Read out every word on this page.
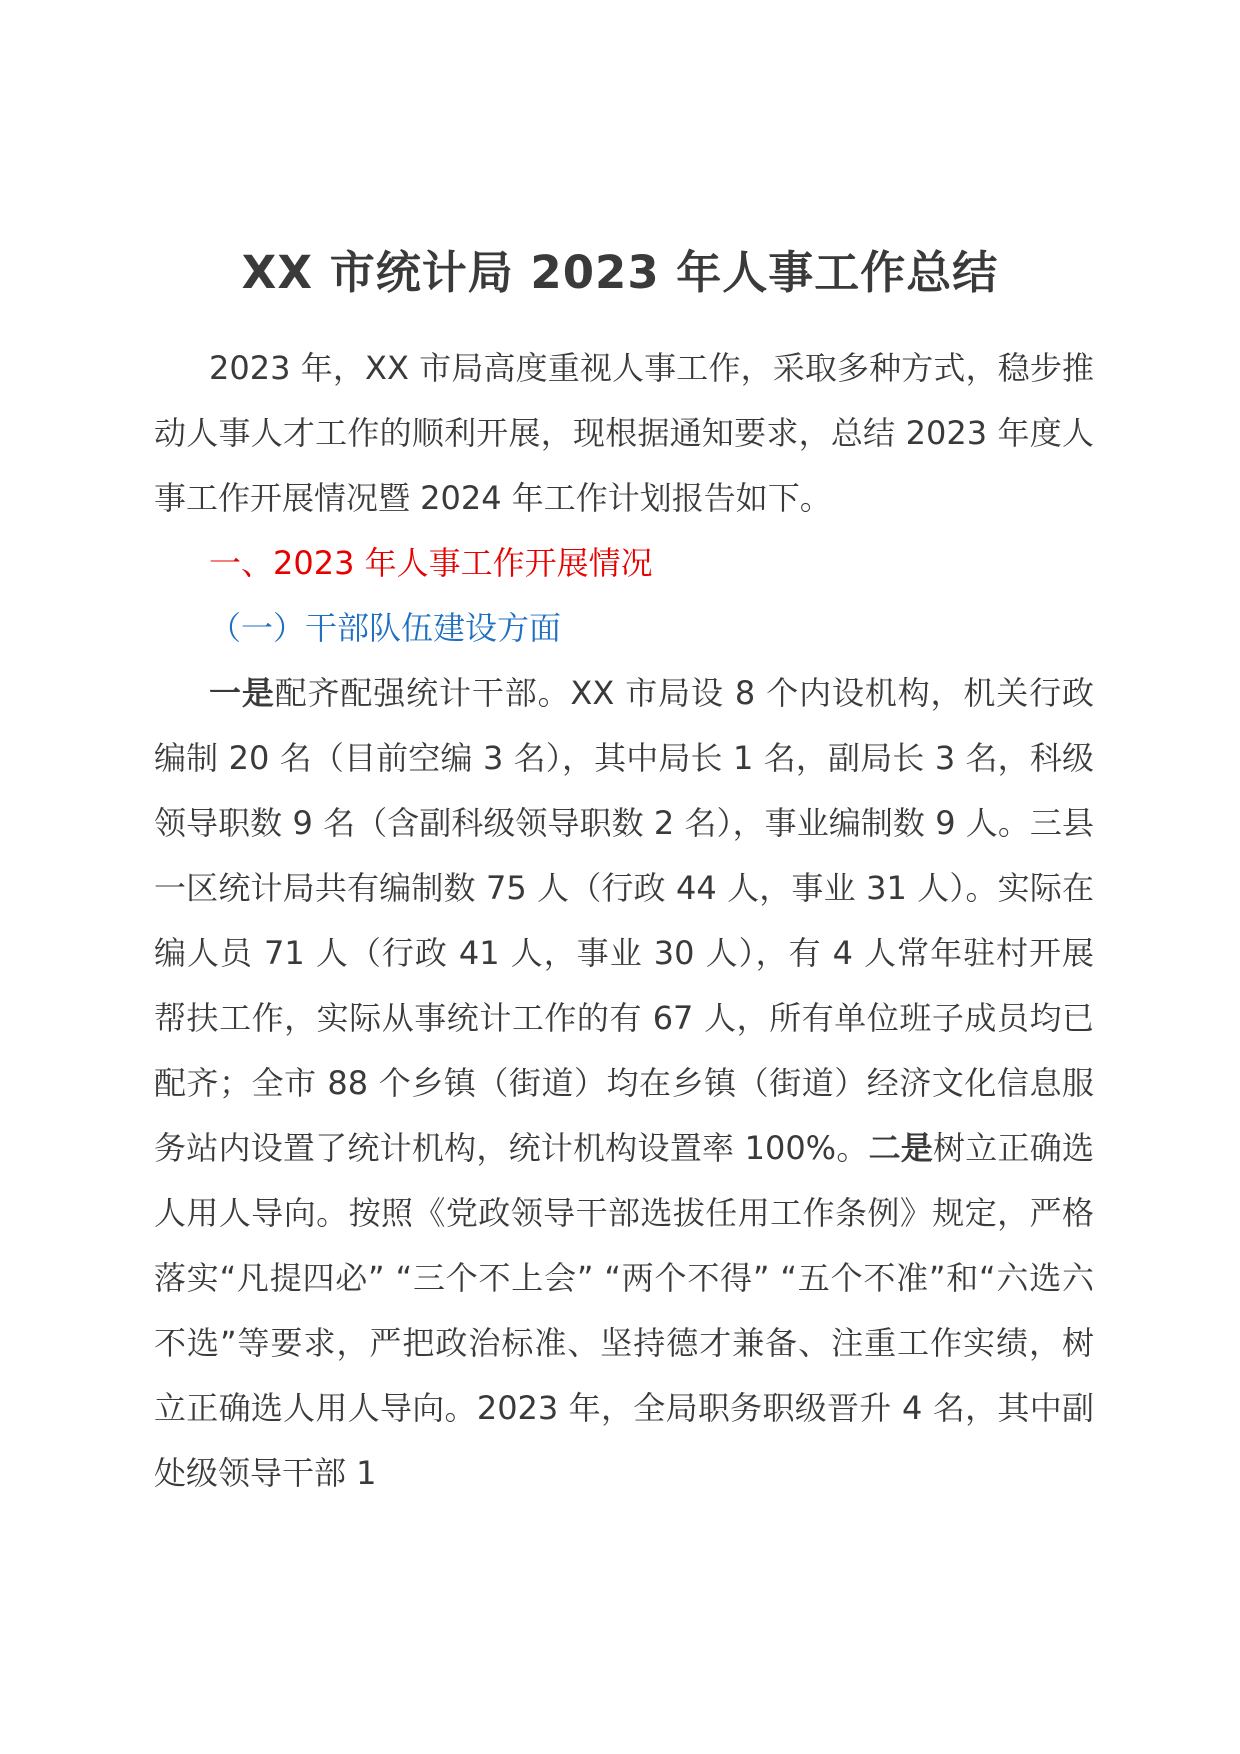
XX 市统计局 2023 年人事工作总结

2023 年，XX 市局高度重视人事工作，采取多种方式，稳步推动人事人才工作的顺利开展，现根据通知要求，总结 2023 年度人事工作开展情况暨 2024 年工作计划报告如下。

一、2023 年人事工作开展情况

（一）干部队伍建设方面

一是配齐配强统计干部。XX 市局设 8 个内设机构，机关行政编制 20 名（目前空编 3 名），其中局长 1 名，副局长 3 名，科级领导职数 9 名（含副科级领导职数 2 名），事业编制数 9 人。三县一区统计局共有编制数 75 人（行政 44 人，事业 31 人）。实际在编人员 71 人（行政 41 人，事业 30 人），有 4 人常年驻村开展帮扶工作，实际从事统计工作的有 67 人，所有单位班子成员均已配齐；全市 88 个乡镇（街道）均在乡镇（街道）经济文化信息服务站内设置了统计机构，统计机构设置率 100%。二是树立正确选人用人导向。按照《党政领导干部选拔任用工作条例》规定，严格落实“凡提四必” “三个不上会” “两个不得” “五个不准”和“六选六不选”等要求，严把政治标准、坚持德才兼备、注重工作实绩，树立正确选人用人导向。2023 年，全局职务职级晋升 4 名，其中副处级领导干部 1
